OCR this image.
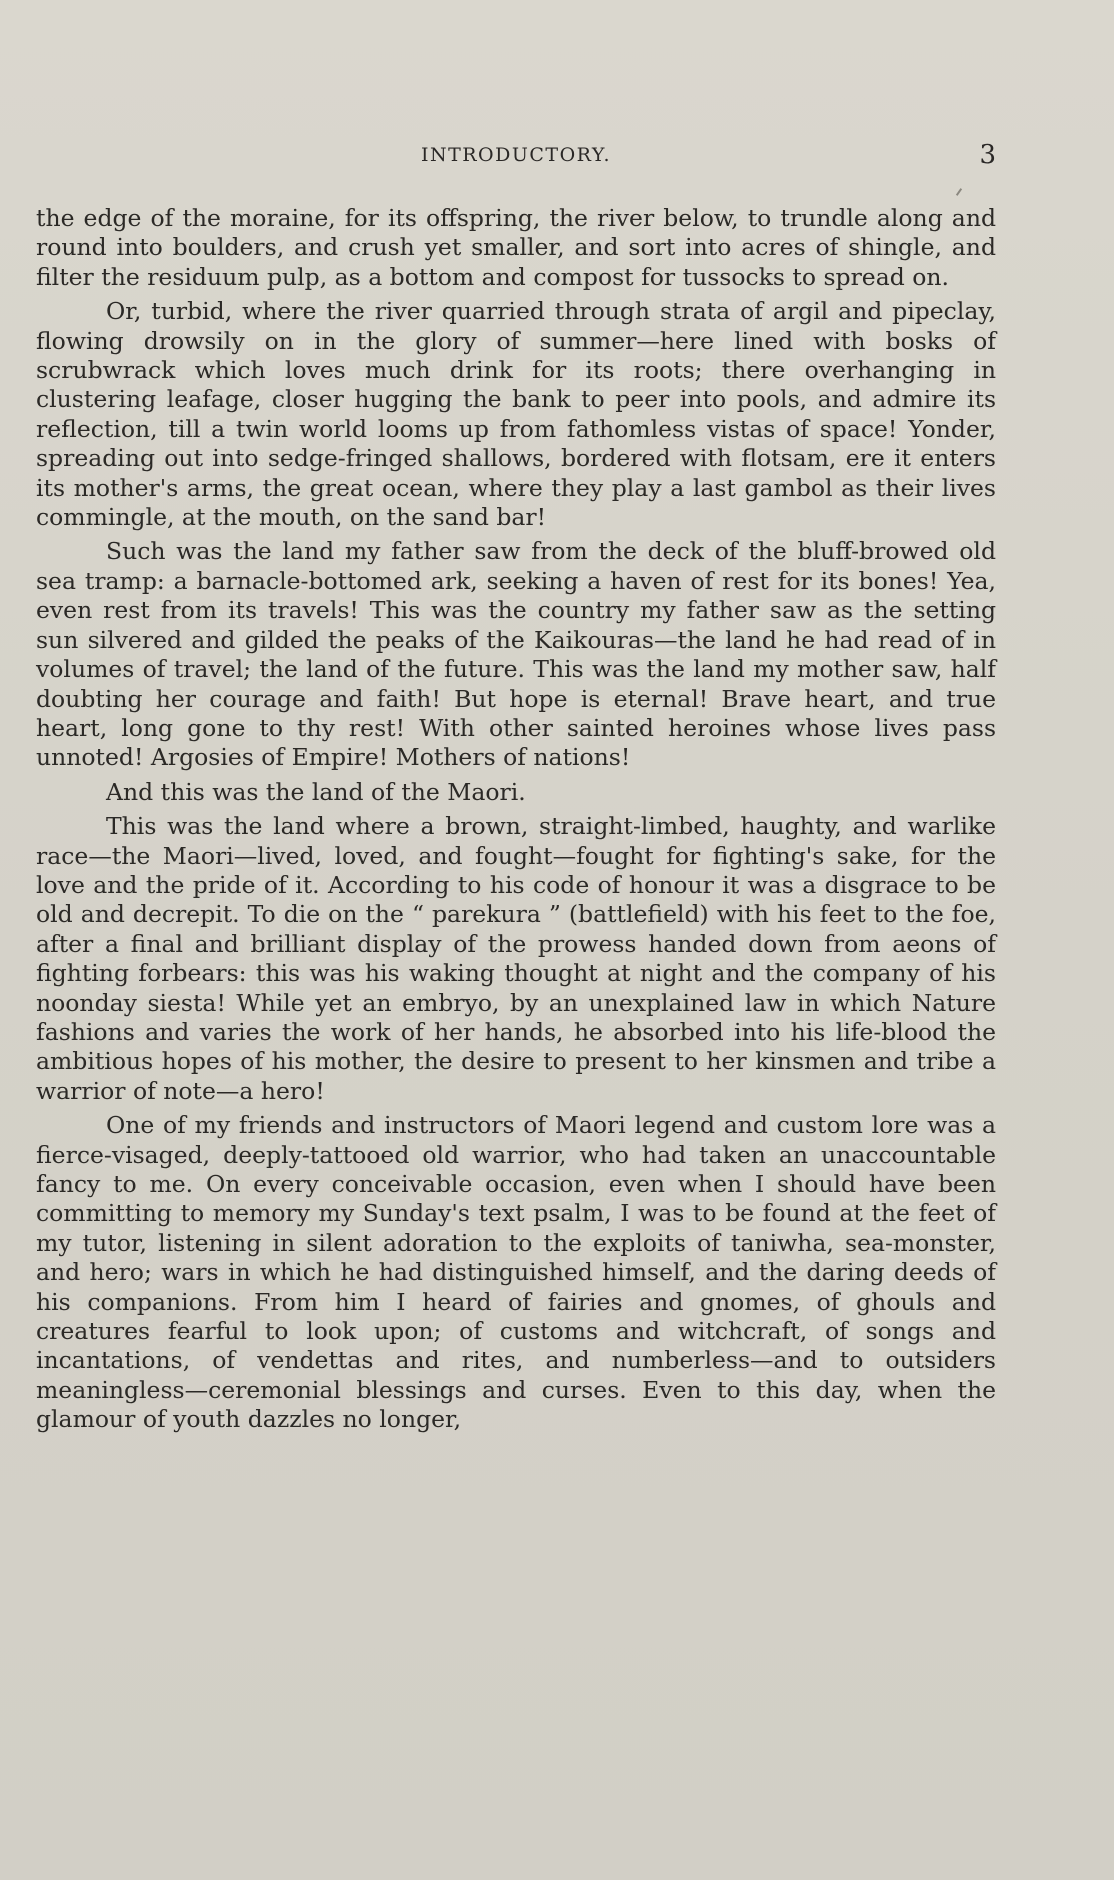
INTRODUCTORY.	3

the edge of the moraine, for its offspring, the river below, to trundle along and round into boulders, and crush yet smaller, and sort into acres of shingle, and filter the residuum pulp, as a bottom and compost for tussocks to spread on.

Or, turbid, where the river quarried through strata of argil and pipeclay, flowing drowsily on in the glory of summer—here lined with bosks of scrubwrack which loves much drink for its roots; there overhanging in clustering leafage, closer hugging the bank to peer into pools, and admire its reflection, till a twin world looms up from fathomless vistas of space! Yonder, spreading out into sedge-fringed shallows, bordered with flotsam, ere it enters its mother's arms, the great ocean, where they play a last gambol as their lives commingle, at the mouth, on the sand bar!

Such was the land my father saw from the deck of the bluff-browed old sea tramp: a barnacle-bottomed ark, seeking a haven of rest for its bones! Yea, even rest from its travels! This was the country my father saw as the setting sun silvered and gilded the peaks of the Kaikouras—the land he had read of in volumes of travel; the land of the future. This was the land my mother saw, half doubting her courage and faith! But hope is eternal! Brave heart, and true heart, long gone to thy rest! With other sainted heroines whose lives pass unnoted! Argosies of Empire! Mothers of nations!

And this was the land of the Maori.

This was the land where a brown, straight-limbed, haughty, and warlike race—the Maori—lived, loved, and fought—fought for fighting's sake, for the love and the pride of it. According to his code of honour it was a disgrace to be old and decrepit. To die on the “ parekura ” (battlefield) with his feet to the foe, after a final and brilliant display of the prowess handed down from aeons of fighting forbears: this was his waking thought at night and the company of his noonday siesta! While yet an embryo, by an unexplained law in which Nature fashions and varies the work of her hands, he absorbed into his life-blood the ambitious hopes of his mother, the desire to present to her kinsmen and tribe a warrior of note—a hero!

One of my friends and instructors of Maori legend and custom lore was a fierce-visaged, deeply-tattooed old warrior, who had taken an unaccountable fancy to me. On every conceivable occasion, even when I should have been committing to memory my Sunday's text psalm, I was to be found at the feet of my tutor, listening in silent adoration to the exploits of taniwha, sea-monster, and hero; wars in which he had distinguished himself, and the daring deeds of his companions. From him I heard of fairies and gnomes, of ghouls and creatures fearful to look upon; of customs and witchcraft, of songs and incantations, of vendettas and rites, and numberless—and to outsiders meaningless—ceremonial blessings and curses. Even to this day, when the glamour of youth dazzles no longer,
